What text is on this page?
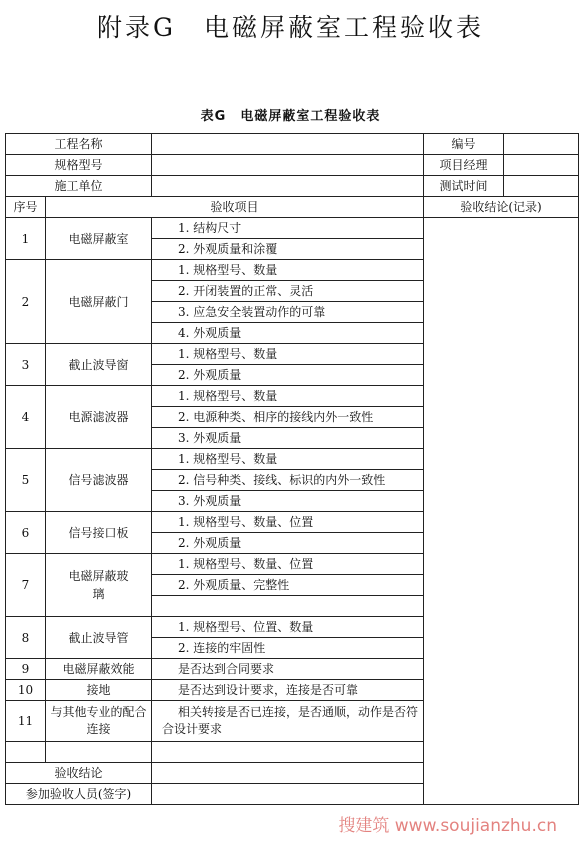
附录G　电磁屏蔽室工程验收表
表G　电磁屏蔽室工程验收表
工程名称			编号	
规格型号			项目经理	
施工单位			测试时间	
序号	验收项目		验收结论(记录)	
1	电磁屏蔽室	1. 结构尺寸		
		2. 外观质量和涂覆		
2	电磁屏蔽门	1. 规格型号、数量		
		2. 开闭装置的正常、灵活		
		3. 应急安全装置动作的可靠		
		4. 外观质量		
3	截止波导窗	1. 规格型号、数量		
		2. 外观质量		
4	电源滤波器	1. 规格型号、数量		
		2. 电源种类、相序的接线内外一致性		
		3. 外观质量		
5	信号滤波器	1. 规格型号、数量		
		2. 信号种类、接线、标识的内外一致性		
		3. 外观质量		
6	信号接口板	1. 规格型号、数量、位置		
		2. 外观质量		
7	电磁屏蔽玻璃	1. 规格型号、数量、位置		
		2. 外观质量、完整性		

8	截止波导管	1. 规格型号、位置、数量		
		2. 连接的牢固性		
9	电磁屏蔽效能	是否达到合同要求		
10	接地	是否达到设计要求，连接是否可靠		
11	与其他专业的配合连接	相关转接是否已连接，是否通顺，动作是否符合设计要求		

验收结论				
参加验收人员(签字)				
搜建筑 www.soujianzhu.cn
